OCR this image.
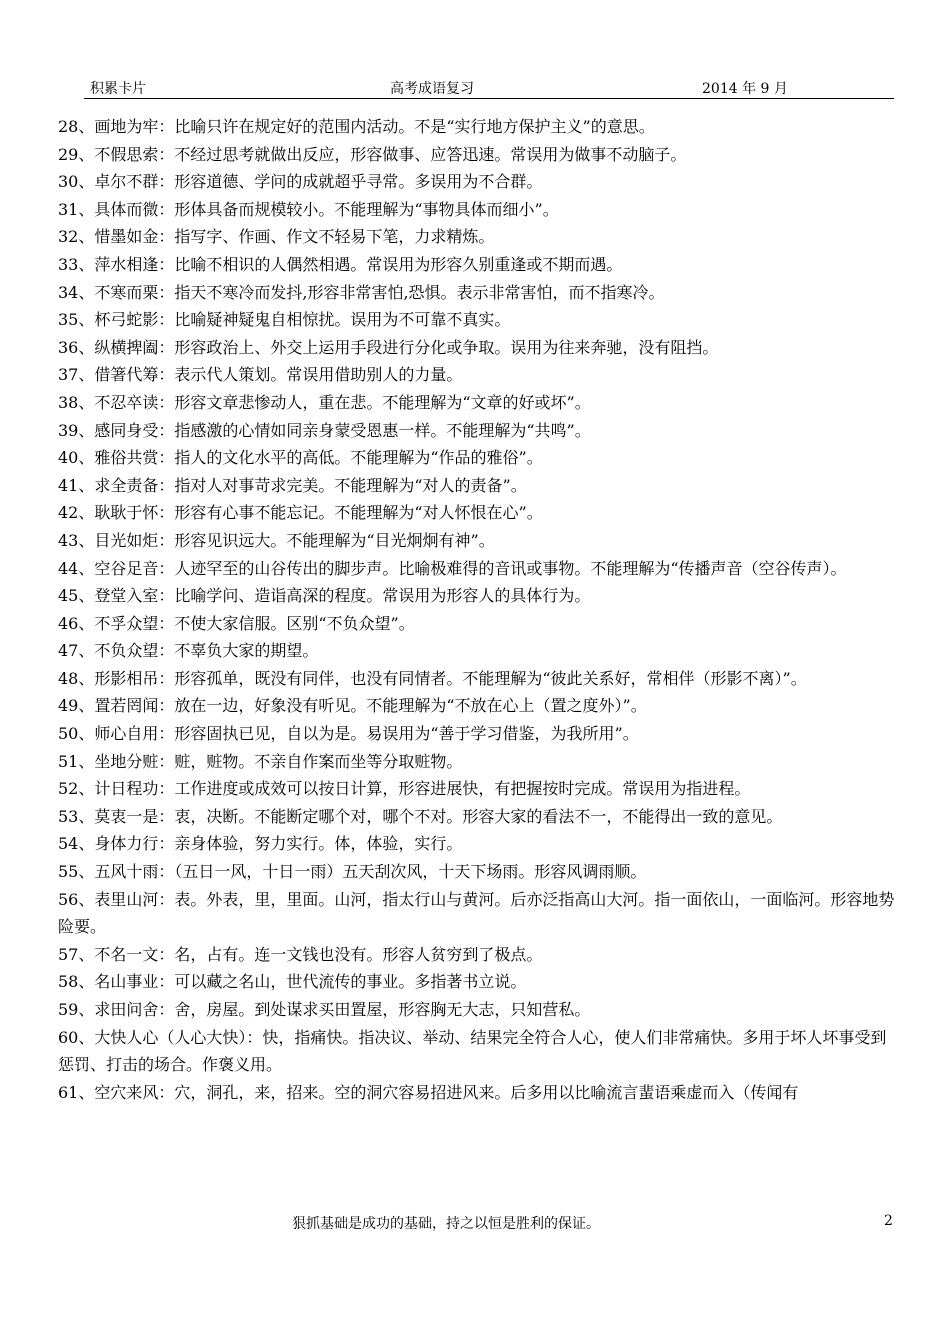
积累卡片	高考成语复习	2014 年 9 月
28、画地为牢：比喻只许在规定好的范围内活动。不是“实行地方保护主义”的意思。
29、不假思索：不经过思考就做出反应，形容做事、应答迅速。常误用为做事不动脑子。
30、卓尔不群：形容道德、学问的成就超乎寻常。多误用为不合群。
31、具体而微：形体具备而规模较小。不能理解为“事物具体而细小”。
32、惜墨如金：指写字、作画、作文不轻易下笔，力求精炼。
33、萍水相逢：比喻不相识的人偶然相遇。常误用为形容久别重逢或不期而遇。
34、不寒而栗：指天不寒冷而发抖,形容非常害怕,恐惧。表示非常害怕，而不指寒冷。
35、杯弓蛇影：比喻疑神疑鬼自相惊扰。误用为不可靠不真实。
36、纵横捭阖：形容政治上、外交上运用手段进行分化或争取。误用为往来奔驰，没有阻挡。
37、借箸代筹：表示代人策划。常误用借助别人的力量。
38、不忍卒读：形容文章悲惨动人，重在悲。不能理解为“文章的好或坏”。
39、感同身受：指感激的心情如同亲身蒙受恩惠一样。不能理解为“共鸣”。
40、雅俗共赏：指人的文化水平的高低。不能理解为“作品的雅俗”。
41、求全责备：指对人对事苛求完美。不能理解为“对人的责备”。
42、耿耿于怀：形容有心事不能忘记。不能理解为“对人怀恨在心”。
43、目光如炬：形容见识远大。不能理解为“目光炯炯有神”。
44、空谷足音：人迹罕至的山谷传出的脚步声。比喻极难得的音讯或事物。不能理解为“传播声音（空谷传声）。
45、登堂入室：比喻学问、造诣高深的程度。常误用为形容人的具体行为。
46、不孚众望：不使大家信服。区别“不负众望”。
47、不负众望：不辜负大家的期望。
48、形影相吊：形容孤单，既没有同伴，也没有同情者。不能理解为“彼此关系好，常相伴（形影不离）”。
49、置若罔闻：放在一边，好象没有听见。不能理解为“不放在心上（置之度外）”。
50、师心自用：形容固执已见，自以为是。易误用为“善于学习借鉴，为我所用”。
51、坐地分赃：赃，赃物。不亲自作案而坐等分取赃物。
52、计日程功：工作进度或成效可以按日计算，形容进展快，有把握按时完成。常误用为指进程。
53、莫衷一是：衷，决断。不能断定哪个对，哪个不对。形容大家的看法不一，不能得出一致的意见。
54、身体力行：亲身体验，努力实行。体，体验，实行。
55、五风十雨：（五日一风，十日一雨）五天刮次风，十天下场雨。形容风调雨顺。
56、表里山河：表。外表，里，里面。山河，指太行山与黄河。后亦泛指高山大河。指一面依山，一面临河。形容地势险要。
57、不名一文：名，占有。连一文钱也没有。形容人贫穷到了极点。
58、名山事业：可以藏之名山，世代流传的事业。多指著书立说。
59、求田问舍：舍，房屋。到处谋求买田置屋，形容胸无大志，只知营私。
60、大快人心（人心大快）：快，指痛快。指决议、举动、结果完全符合人心，使人们非常痛快。多用于坏人坏事受到惩罚、打击的场合。作褒义用。
61、空穴来风：穴，洞孔，来，招来。空的洞穴容易招进风来。后多用以比喻流言蜚语乘虚而入（传闻有
狠抓基础是成功的基础，持之以恒是胜利的保证。	2
